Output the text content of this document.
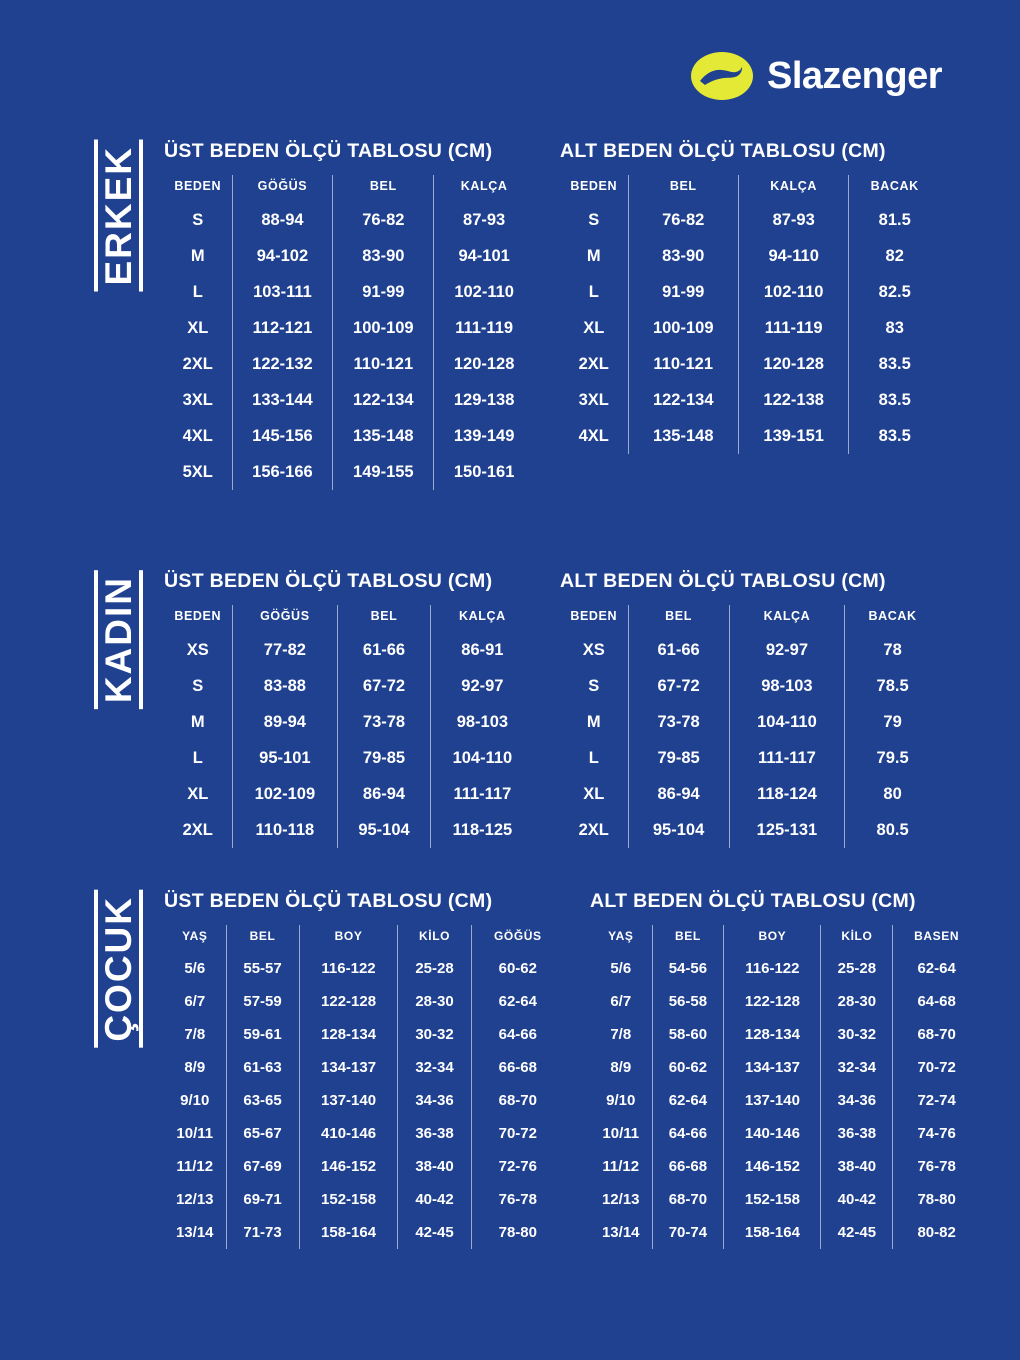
Slazenger
ERKEK ÜST BEDEN ÖLÇÜ TABLOSU (CM)
BEDEN	GÖĞÜS	BEL	KALÇA
S	88-94	76-82	87-93
M	94-102	83-90	94-101
L	103-111	91-99	102-110
XL	112-121	100-109	111-119
2XL	122-132	110-121	120-128
3XL	133-144	122-134	129-138
4XL	145-156	135-148	139-149
5XL	156-166	149-155	150-161
ALT BEDEN ÖLÇÜ TABLOSU (CM)
BEDEN	BEL	KALÇA	BACAK
S	76-82	87-93	81.5
M	83-90	94-110	82
L	91-99	102-110	82.5
XL	100-109	111-119	83
2XL	110-121	120-128	83.5
3XL	122-134	122-138	83.5
4XL	135-148	139-151	83.5
KADIN ÜST BEDEN ÖLÇÜ TABLOSU (CM)
BEDEN	GÖĞÜS	BEL	KALÇA
XS	77-82	61-66	86-91
S	83-88	67-72	92-97
M	89-94	73-78	98-103
L	95-101	79-85	104-110
XL	102-109	86-94	111-117
2XL	110-118	95-104	118-125
ALT BEDEN ÖLÇÜ TABLOSU (CM)
BEDEN	BEL	KALÇA	BACAK
XS	61-66	92-97	78
S	67-72	98-103	78.5
M	73-78	104-110	79
L	79-85	111-117	79.5
XL	86-94	118-124	80
2XL	95-104	125-131	80.5
ÇOCUK ÜST BEDEN ÖLÇÜ TABLOSU (CM)
YAŞ	BEL	BOY	KİLO	GÖĞÜS
5/6	55-57	116-122	25-28	60-62
6/7	57-59	122-128	28-30	62-64
7/8	59-61	128-134	30-32	64-66
8/9	61-63	134-137	32-34	66-68
9/10	63-65	137-140	34-36	68-70
10/11	65-67	410-146	36-38	70-72
11/12	67-69	146-152	38-40	72-76
12/13	69-71	152-158	40-42	76-78
13/14	71-73	158-164	42-45	78-80
ALT BEDEN ÖLÇÜ TABLOSU (CM)
YAŞ	BEL	BOY	KİLO	BASEN
5/6	54-56	116-122	25-28	62-64
6/7	56-58	122-128	28-30	64-68
7/8	58-60	128-134	30-32	68-70
8/9	60-62	134-137	32-34	70-72
9/10	62-64	137-140	34-36	72-74
10/11	64-66	140-146	36-38	74-76
11/12	66-68	146-152	38-40	76-78
12/13	68-70	152-158	40-42	78-80
13/14	70-74	158-164	42-45	80-82
